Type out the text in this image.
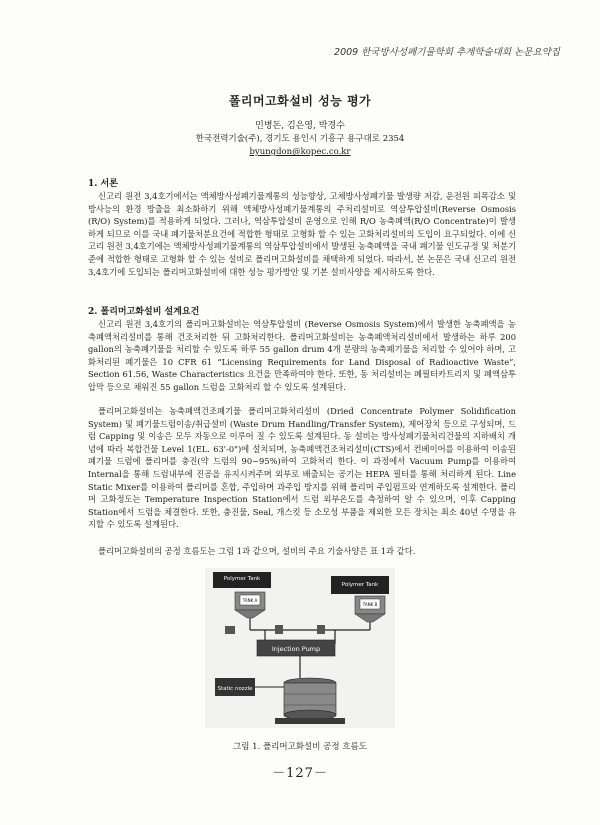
2009 한국방사성폐기물학회 추계학술대회 논문요약집
폴리머고화설비 성능 평가
민병돈, 김은영, 박경수
한국전력기술(주), 경기도 용인시 기흥구 용구대로 2354
byungdon@kopec.co.kr
1. 서론

신고리 원전 3,4호기에서는 액체방사성폐기물계통의 성능향상, 고체방사성폐기물 발생량 저감, 운전원 피폭감소 및 방사능의 환경 방출을 최소화하기 위해 액체방사성폐기물계통의 주처리설비로 역삼투압설비(Reverse Osmosis (R/O) System)를 적용하게 되었다. 그러나, 역삼투압설비 운영으로 인해 R/O 농축폐액(R/O Concentrate)이 발생하게 되므로 이를 국내 폐기물처분요건에 적합한 형태로 고형화 할 수 있는 고화처리설비의 도입이 요구되었다. 이에 신고리 원전 3,4호기에는 액체방사성폐기물계통의 역삼투압설비에서 발생된 농축폐액을 국내 폐기물 인도규정 및 처분기준에 적합한 형태로 고형화 할 수 있는 설비로 폴리머고화설비를 채택하게 되었다. 따라서, 본 논문은 국내 신고리 원전 3,4호기에 도입되는 폴리머고화설비에 대한 성능 평가방안 및 기본 설비사양을 제시하도록 한다.

2. 폴리머고화설비 설계요건

신고리 원전 3,4호기의 폴리머고화설비는 역삼투압설비 (Reverse Osmosis System)에서 발생한 농축폐액을 농축폐액처리설비를 통해 건조처리한 뒤 고화처리한다. 폴리머고화설비는 농축폐액처리설비에서 발생하는 하루 200 gallon의 농축폐기물을 처리할 수 있도록 하루 55 gallon drum 4개 분량의 농축폐기물을 처리할 수 있어야 하며, 고화처리된 폐기물은 10 CFR 61 “Licensing Requirements for Land Disposal of Radioactive Waste”, Section 61.56, Waste Characteristics 요건을 만족하여야 한다. 또한, 동 처리설비는 폐필터카트리지 및 폐액삼투압막 등으로 채워진 55 gallon 드럼을 고화처리 할 수 있도록 설계된다.

폴리머고화설비는 농축폐액건조폐기물 폴리머고화처리설비 (Dried Concentrate Polymer Solidification System) 및 폐기물드럼이송/취급설비 (Waste Drum Handling/Transfer System), 제어장치 등으로 구성되며, 드럼 Capping 및 이송은 모두 자동으로 이루어 질 수 있도록 설계된다. 동 설비는 방사성폐기물처리건물의 지하배치 개념에 따라 복합건물 Level 1(EL. 63'-0")에 설치되며, 농축폐액건조처리설비(CTS)에서 컨베이어를 이용하여 이송된 폐기물 드럼에 폴리머를 충진(약 드럼의 90~95%)하여 고화처리 한다. 이 과정에서 Vacuum Pump를 이용하여 Internal을 통해 드럼내부에 진공을 유지시켜주며 외부로 배출되는 공기는 HEPA 필터를 통해 처리하게 된다. Line Static Mixer를 이용하여 폴리머를 혼합, 주입하며 과주입 방지를 위해 폴리머 주입펌프와 연계하도록 설계한다. 폴리머 고화정도는 Temperature Inspection Station에서 드럼 외부온도를 측정하여 알 수 있으며, 이후 Capping Station에서 드럼을 체결한다. 또한, 충진물, Seal, 개스킷 등 소모성 부품을 제외한 모든 장치는 최소 40년 수명을 유지할 수 있도록 설계된다.

폴리머고화설비의 공정 흐름도는 그림 1과 같으며, 설비의 주요 기술사양은 표 1과 같다.

Polymer Tank
Polymer Tank
TANK A
TANK B
Injection Pump
Static nozzle
그림 1. 폴리머고화설비 공정 흐름도
－127－
